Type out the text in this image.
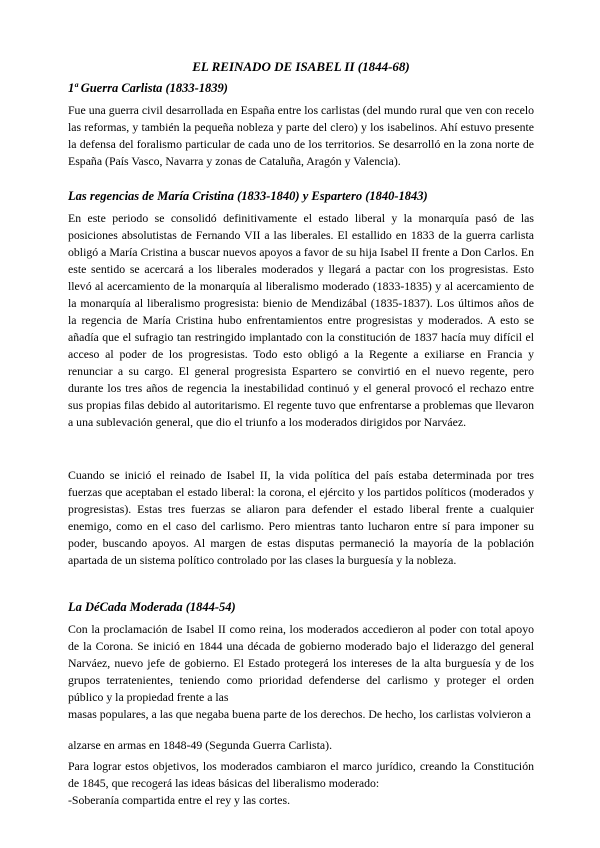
EL REINADO DE ISABEL II (1844-68)
1ª Guerra Carlista (1833-1839)

Fue una guerra civil desarrollada en España entre los carlistas (del mundo rural que ven con recelo las reformas, y también la pequeña nobleza y parte del clero) y los isabelinos. Ahí estuvo presente la defensa del foralismo particular de cada uno de los territorios. Se desarrolló en la zona norte de España (País Vasco, Navarra y zonas de Cataluña, Aragón y Valencia).

Las regencias de María Cristina (1833-1840) y Espartero (1840-1843)

En este periodo se consolidó definitivamente el estado liberal y la monarquía pasó de las posiciones absolutistas de Fernando VII a las liberales. El estallido en 1833 de la guerra carlista obligó a María Cristina a buscar nuevos apoyos a favor de su hija Isabel II frente a Don Carlos. En este sentido se acercará a los liberales moderados y llegará a pactar con los progresistas. Esto llevó al acercamiento de la monarquía al liberalismo moderado (1833-1835) y al acercamiento de la monarquía al liberalismo progresista: bienio de Mendizábal (1835-1837). Los últimos años de la regencia de María Cristina hubo enfrentamientos entre progresistas y moderados. A esto se añadía que el sufragio tan restringido implantado con la constitución de 1837 hacía muy difícil el acceso al poder de los progresistas. Todo esto obligó a la Regente a exiliarse en Francia y renunciar a su cargo. El general progresista Espartero se convirtió en el nuevo regente, pero durante los tres años de regencia la inestabilidad continuó y el general provocó el rechazo entre sus propias filas debido al autoritarismo. El regente tuvo que enfrentarse a problemas que llevaron a una sublevación general, que dio el triunfo a los moderados dirigidos por Narváez.

Cuando se inició el reinado de Isabel II, la vida política del país estaba determinada por tres fuerzas que aceptaban el estado liberal: la corona, el ejército y los partidos políticos (moderados y progresistas). Estas tres fuerzas se aliaron para defender el estado liberal frente a cualquier enemigo, como en el caso del carlismo. Pero mientras tanto lucharon entre sí para imponer su poder, buscando apoyos. Al margen de estas disputas permaneció la mayoría de la población apartada de un sistema político controlado por las clases la burguesía y la nobleza.

La DéCada Moderada (1844-54)

Con la proclamación de Isabel II como reina, los moderados accedieron al poder con total apoyo de la Corona. Se inició en 1844 una década de gobierno moderado bajo el liderazgo del general Narváez, nuevo jefe de gobierno. El Estado protegerá los intereses de la alta burguesía y de los grupos terratenientes, teniendo como prioridad defenderse del carlismo y proteger el orden público y la propiedad frente a las

masas populares, a las que negaba buena parte de los derechos. De hecho, los carlistas volvieron a

alzarse en armas en 1848-49 (Segunda Guerra Carlista).

Para lograr estos objetivos, los moderados cambiaron el marco jurídico, creando la Constitución de 1845, que recogerá las ideas básicas del liberalismo moderado:

-Soberanía compartida entre el rey y las cortes.
